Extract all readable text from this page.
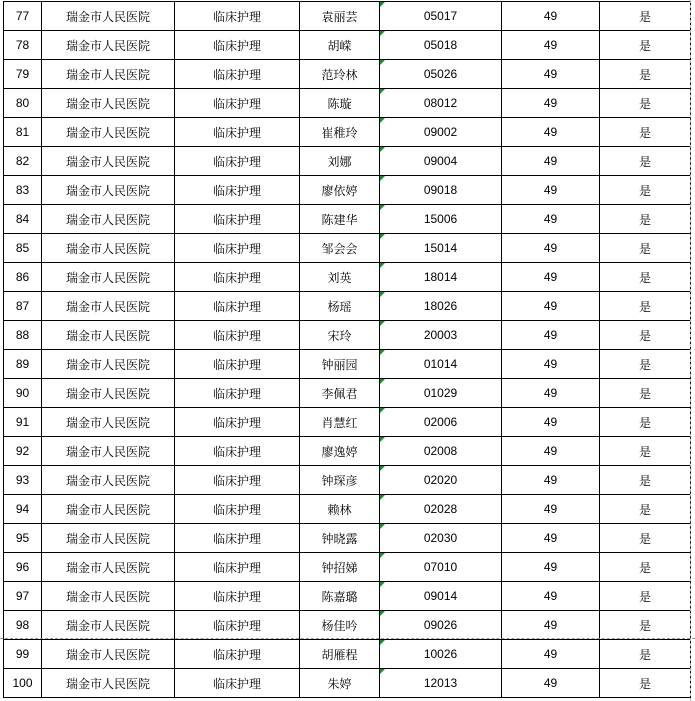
77	瑞金市人民医院	临床护理	袁丽芸	05017	49	是
78	瑞金市人民医院	临床护理	胡嵘	05018	49	是
79	瑞金市人民医院	临床护理	范玲林	05026	49	是
80	瑞金市人民医院	临床护理	陈璇	08012	49	是
81	瑞金市人民医院	临床护理	崔稚玲	09002	49	是
82	瑞金市人民医院	临床护理	刘娜	09004	49	是
83	瑞金市人民医院	临床护理	廖依婷	09018	49	是
84	瑞金市人民医院	临床护理	陈建华	15006	49	是
85	瑞金市人民医院	临床护理	邹会会	15014	49	是
86	瑞金市人民医院	临床护理	刘英	18014	49	是
87	瑞金市人民医院	临床护理	杨瑶	18026	49	是
88	瑞金市人民医院	临床护理	宋玲	20003	49	是
89	瑞金市人民医院	临床护理	钟丽园	01014	49	是
90	瑞金市人民医院	临床护理	李佩君	01029	49	是
91	瑞金市人民医院	临床护理	肖慧红	02006	49	是
92	瑞金市人民医院	临床护理	廖逸婷	02008	49	是
93	瑞金市人民医院	临床护理	钟琛彦	02020	49	是
94	瑞金市人民医院	临床护理	赖林	02028	49	是
95	瑞金市人民医院	临床护理	钟晓露	02030	49	是
96	瑞金市人民医院	临床护理	钟招娣	07010	49	是
97	瑞金市人民医院	临床护理	陈嘉璐	09014	49	是
98	瑞金市人民医院	临床护理	杨佳吟	09026	49	是
99	瑞金市人民医院	临床护理	胡雁程	10026	49	是
100	瑞金市人民医院	临床护理	朱婷	12013	49	是
